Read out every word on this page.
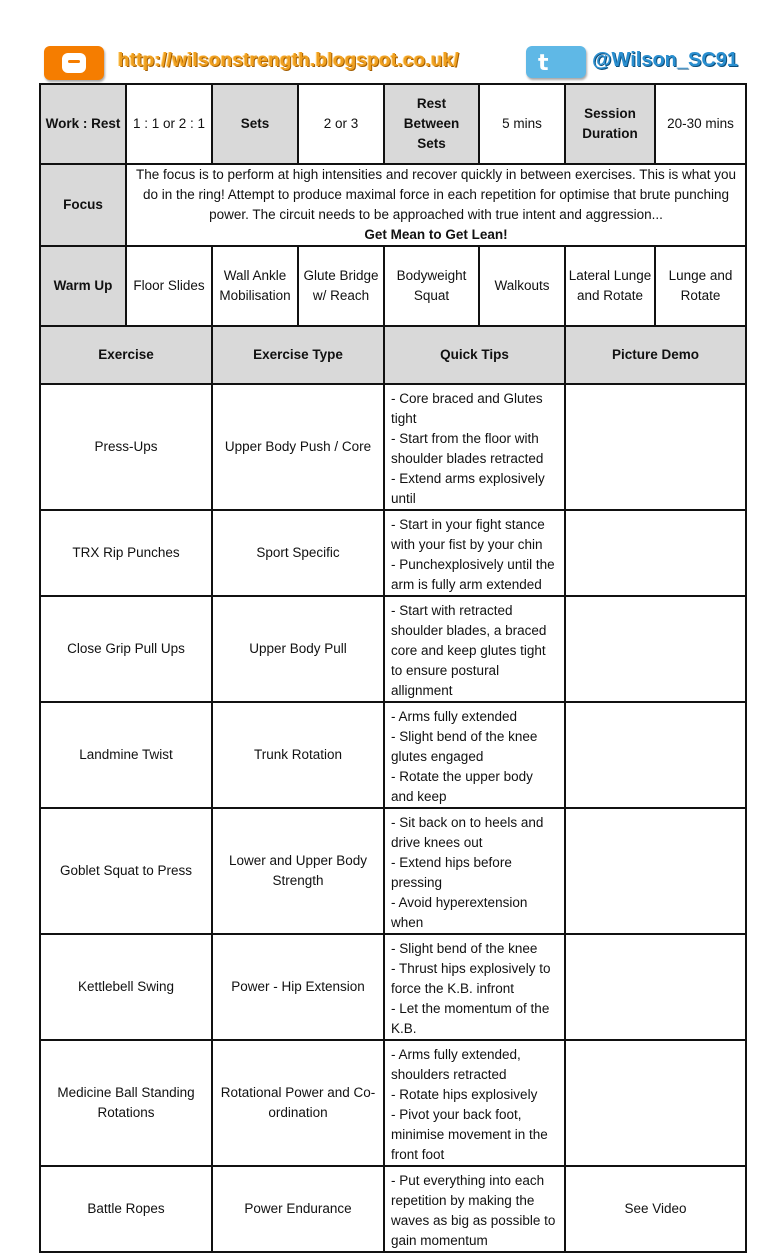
http://wilsonstrength.blogspot.co.uk/	t @Wilson_SC91
Work : Rest	1 : 1 or 2 : 1	Sets	2 or 3	Rest Between Sets	5 mins	Session Duration	20-30 mins
Focus	The focus is to perform at high intensities and recover quickly in between exercises. This is what you do in the ring! Attempt to produce maximal force in each repetition for optimise that brute punching power. The circuit needs to be approached with true intent and aggression...
Get Mean to Get Lean!						

Warm Up	Floor Slides	Wall Ankle Mobilisation	Glute Bridge w/ Reach	Bodyweight Squat	Walkouts	Lateral Lunge and Rotate	Lunge and Rotate
Exercise		Exercise Type		Quick Tips		Picture Demo	
Press-Ups		Upper Body Push / Core		- Core braced and Glutes tight
- Start from the floor with shoulder blades retracted
- Extend arms explosively until			

TRX Rip Punches		Sport Specific		- Start in your fight stance with your fist by your chin
- Punchexplosively until the arm is fully arm extended			

Close Grip Pull Ups		Upper Body Pull		- Start with retracted shoulder blades, a braced core and keep glutes tight to ensure postural allignment			

Landmine Twist		Trunk Rotation		- Arms fully extended
- Slight bend of the knee glutes engaged
- Rotate the upper body and keep			

Goblet Squat to Press		Lower and Upper Body Strength		- Sit back on to heels and drive knees out
- Extend hips before pressing
- Avoid hyperextension when			

Kettlebell Swing		Power - Hip Extension		- Slight bend of the knee
- Thrust hips explosively to force the K.B. infront
- Let the momentum of the K.B.			

Medicine Ball Standing Rotations		Rotational Power and Co-ordination		- Arms fully extended, shoulders retracted
- Rotate hips explosively
- Pivot your back foot, minimise movement in the front foot			

Battle Ropes		Power Endurance		- Put everything into each repetition by making the waves as big as possible to gain momentum		See Video	
